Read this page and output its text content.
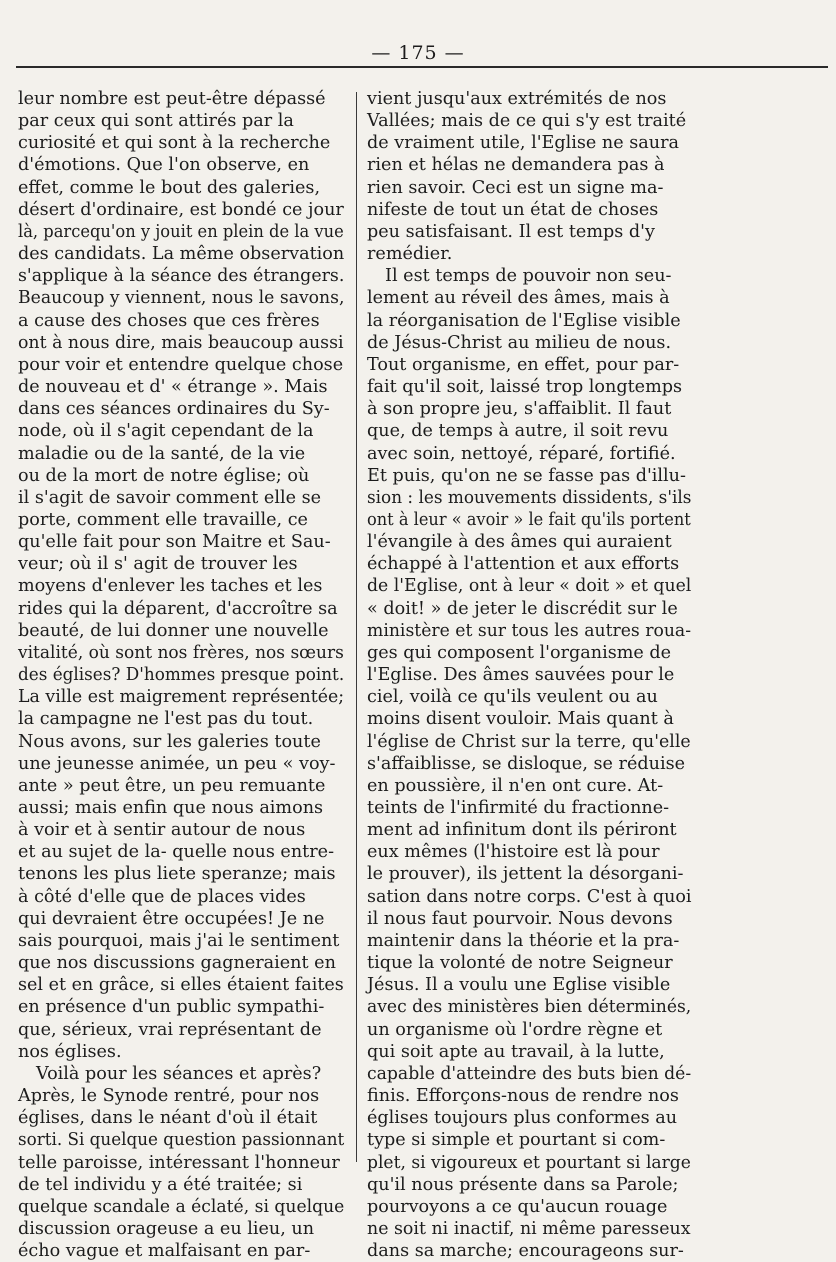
— 175 —
leur nombre est peut-être dépassé
par ceux qui sont attirés par la
curiosité et qui sont à la recherche
d'émotions. Que l'on observe, en
effet, comme le bout des galeries,
désert d'ordinaire, est bondé ce jour
là, parcequ'on y jouit en plein de la vue
des candidats. La même observation
s'applique à la séance des étrangers.
Beaucoup y viennent, nous le savons,
a cause des choses que ces frères
ont à nous dire, mais beaucoup aussi
pour voir et entendre quelque chose
de nouveau et d' « étrange ». Mais
dans ces séances ordinaires du Sy-
node, où il s'agit cependant de la
maladie ou de la santé, de la vie
ou de la mort de notre église; où
il s'agit de savoir comment elle se
porte, comment elle travaille, ce
qu'elle fait pour son Maitre et Sau-
veur; où il s' agit de trouver les
moyens d'enlever les taches et les
rides qui la déparent, d'accroître sa
beauté, de lui donner une nouvelle
vitalité, où sont nos frères, nos sœurs
des églises? D'hommes presque point.
La ville est maigrement représentée;
la campagne ne l'est pas du tout.
Nous avons, sur les galeries toute
une jeunesse animée, un peu « voy-
ante » peut être, un peu remuante
aussi; mais enfin que nous aimons
à voir et à sentir autour de nous
et au sujet de la- quelle nous entre-
tenons les plus liete speranze; mais
à côté d'elle que de places vides
qui devraient être occupées! Je ne
sais pourquoi, mais j'ai le sentiment
que nos discussions gagneraient en
sel et en grâce, si elles étaient faites
en présence d'un public sympathi-
que, sérieux, vrai représentant de
nos églises.
Voilà pour les séances et après?
Après, le Synode rentré, pour nos
églises, dans le néant d'où il était
sorti. Si quelque question passionnant
telle paroisse, intéressant l'honneur
de tel individu y a été traitée; si
quelque scandale a éclaté, si quelque
discussion orageuse a eu lieu, un
écho vague et malfaisant en par-
vient jusqu'aux extrémités de nos
Vallées; mais de ce qui s'y est traité
de vraiment utile, l'Eglise ne saura
rien et hélas ne demandera pas à
rien savoir. Ceci est un signe ma-
nifeste de tout un état de choses
peu satisfaisant. Il est temps d'y
remédier.
Il est temps de pouvoir non seu-
lement au réveil des âmes, mais à
la réorganisation de l'Eglise visible
de Jésus-Christ au milieu de nous.
Tout organisme, en effet, pour par-
fait qu'il soit, laissé trop longtemps
à son propre jeu, s'affaiblit. Il faut
que, de temps à autre, il soit revu
avec soin, nettoyé, réparé, fortifié.
Et puis, qu'on ne se fasse pas d'illu-
sion : les mouvements dissidents, s'ils
ont à leur « avoir » le fait qu'ils portent
l'évangile à des âmes qui auraient
échappé à l'attention et aux efforts
de l'Eglise, ont à leur « doit » et quel
« doit! » de jeter le discrédit sur le
ministère et sur tous les autres roua-
ges qui composent l'organisme de
l'Eglise. Des âmes sauvées pour le
ciel, voilà ce qu'ils veulent ou au
moins disent vouloir. Mais quant à
l'église de Christ sur la terre, qu'elle
s'affaiblisse, se disloque, se réduise
en poussière, il n'en ont cure. At-
teints de l'infirmité du fractionne-
ment ad infinitum dont ils périront
eux mêmes (l'histoire est là pour
le prouver), ils jettent la désorgani-
sation dans notre corps. C'est à quoi
il nous faut pourvoir. Nous devons
maintenir dans la théorie et la pra-
tique la volonté de notre Seigneur
Jésus. Il a voulu une Eglise visible
avec des ministères bien déterminés,
un organisme où l'ordre règne et
qui soit apte au travail, à la lutte,
capable d'atteindre des buts bien dé-
finis. Efforçons-nous de rendre nos
églises toujours plus conformes au
type si simple et pourtant si com-
plet, si vigoureux et pourtant si large
qu'il nous présente dans sa Parole;
pourvoyons a ce qu'aucun rouage
ne soit ni inactif, ni même paresseux
dans sa marche; encourageons sur-
